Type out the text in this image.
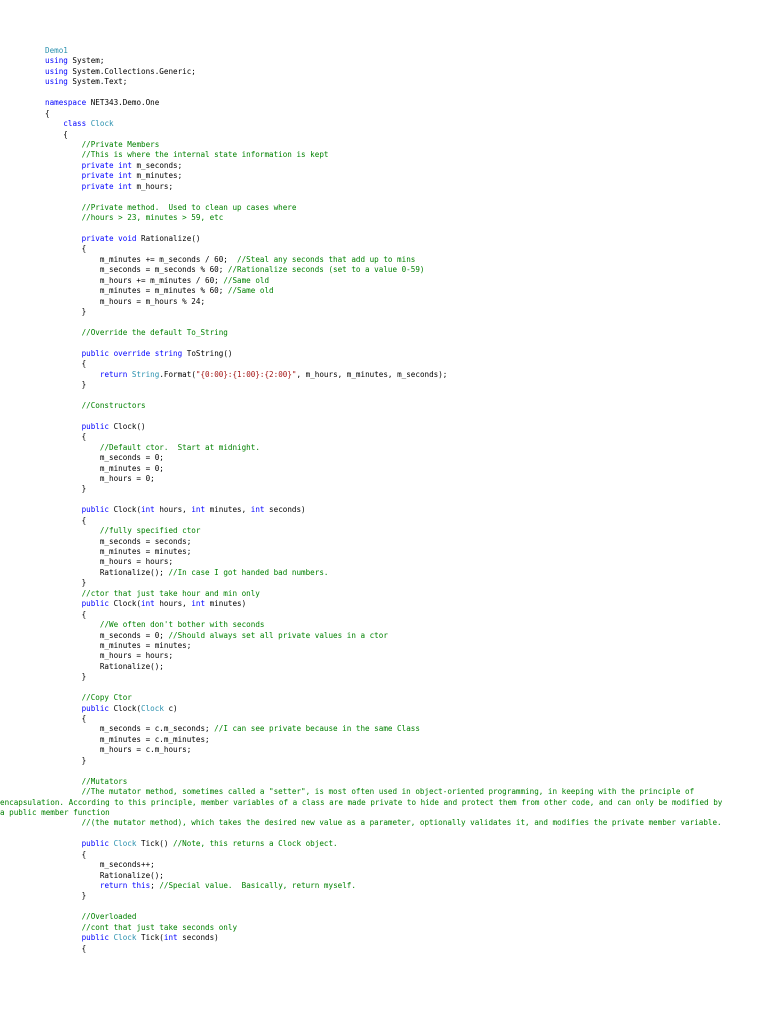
Demo1
using System;
using System.Collections.Generic;
using System.Text;
namespace NET343.Demo.One
{
class Clock
{
//Private Members
//This is where the internal state information is kept
private int m_seconds;
private int m_minutes;
private int m_hours;
//Private method.  Used to clean up cases where
//hours > 23, minutes > 59, etc
private void Rationalize()
{
m_minutes += m_seconds / 60;  //Steal any seconds that add up to mins
m_seconds = m_seconds % 60; //Rationalize seconds (set to a value 0-59)
m_hours += m_minutes / 60; //Same old
m_minutes = m_minutes % 60; //Same old
m_hours = m_hours % 24;
}
//Override the default To_String
public override string ToString()
{
return String.Format("{0:00}:{1:00}:{2:00}", m_hours, m_minutes, m_seconds);
}
//Constructors
public Clock()
{
//Default ctor.  Start at midnight.
m_seconds = 0;
m_minutes = 0;
m_hours = 0;
}
public Clock(int hours, int minutes, int seconds)
{
//fully specified ctor
m_seconds = seconds;
m_minutes = minutes;
m_hours = hours;
Rationalize(); //In case I got handed bad numbers.
}
//ctor that just take hour and min only
public Clock(int hours, int minutes)
{
//We often don't bother with seconds
m_seconds = 0; //Should always set all private values in a ctor
m_minutes = minutes;
m_hours = hours;
Rationalize();
}
//Copy Ctor
public Clock(Clock c)
{
m_seconds = c.m_seconds; //I can see private because in the same Class
m_minutes = c.m_minutes;
m_hours = c.m_hours;
}
//Mutators
//The mutator method, sometimes called a "setter", is most often used in object-oriented programming, in keeping with the principle of encapsulation. According to this principle, member variables of a class are made private to hide and protect them from other code, and can only be modified by a public member function
//(the mutator method), which takes the desired new value as a parameter, optionally validates it, and modifies the private member variable.
public Clock Tick() //Note, this returns a Clock object.
{
m_seconds++;
Rationalize();
return this; //Special value.  Basically, return myself.
}
//Overloaded
//cont that just take seconds only
public Clock Tick(int seconds)
{
